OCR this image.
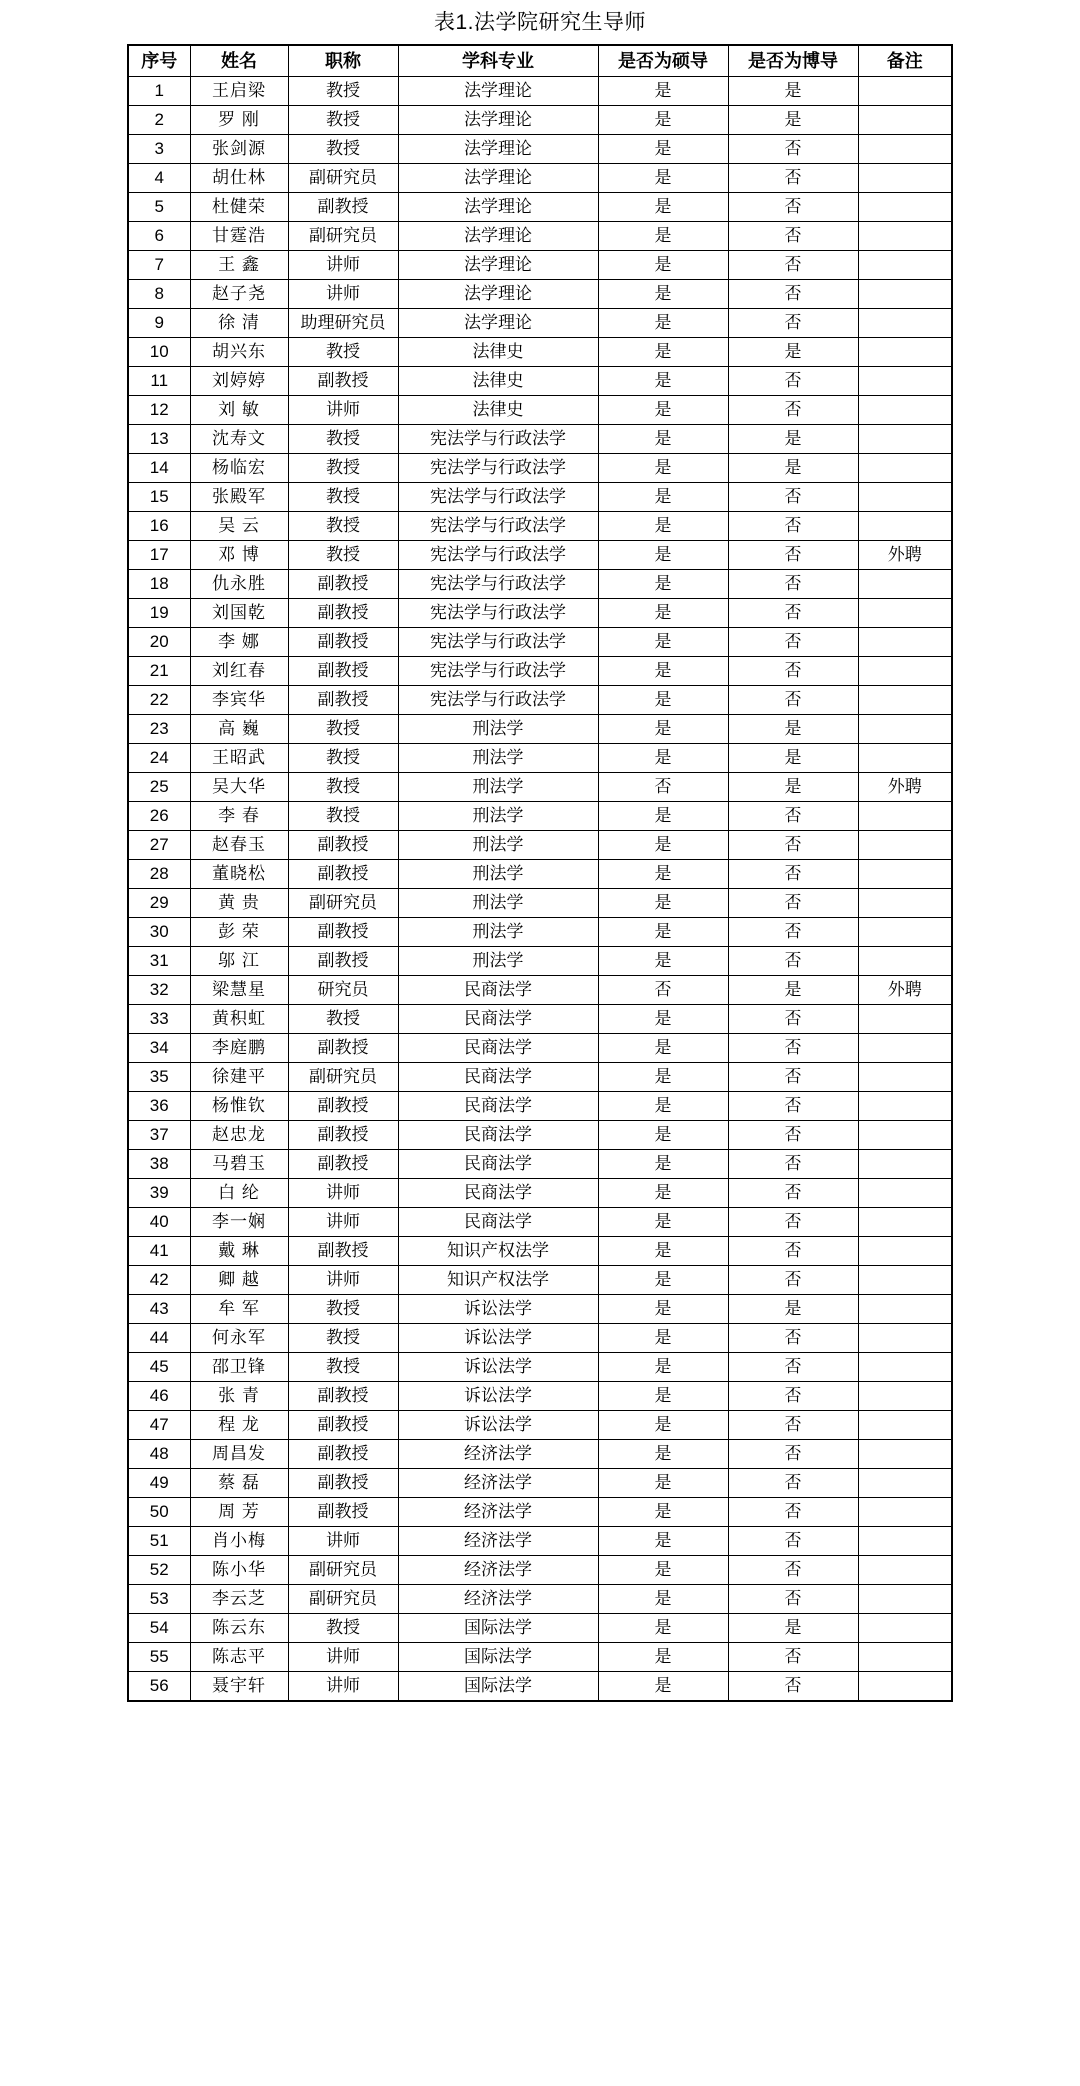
表1.法学院研究生导师
序号	姓名	职称	学科专业	是否为硕导	是否为博导	备注
1	王启梁	教授	法学理论	是	是	
2	罗 刚	教授	法学理论	是	是	
3	张剑源	教授	法学理论	是	否	
4	胡仕林	副研究员	法学理论	是	否	
5	杜健荣	副教授	法学理论	是	否	
6	甘霆浩	副研究员	法学理论	是	否	
7	王 鑫	讲师	法学理论	是	否	
8	赵子尧	讲师	法学理论	是	否	
9	徐 清	助理研究员	法学理论	是	否	
10	胡兴东	教授	法律史	是	是	
11	刘婷婷	副教授	法律史	是	否	
12	刘 敏	讲师	法律史	是	否	
13	沈寿文	教授	宪法学与行政法学	是	是	
14	杨临宏	教授	宪法学与行政法学	是	是	
15	张殿军	教授	宪法学与行政法学	是	否	
16	吴 云	教授	宪法学与行政法学	是	否	
17	邓 博	教授	宪法学与行政法学	是	否	外聘
18	仇永胜	副教授	宪法学与行政法学	是	否	
19	刘国乾	副教授	宪法学与行政法学	是	否	
20	李 娜	副教授	宪法学与行政法学	是	否	
21	刘红春	副教授	宪法学与行政法学	是	否	
22	李宾华	副教授	宪法学与行政法学	是	否	
23	高 巍	教授	刑法学	是	是	
24	王昭武	教授	刑法学	是	是	
25	吴大华	教授	刑法学	否	是	外聘
26	李 春	教授	刑法学	是	否	
27	赵春玉	副教授	刑法学	是	否	
28	董晓松	副教授	刑法学	是	否	
29	黄 贵	副研究员	刑法学	是	否	
30	彭 荣	副教授	刑法学	是	否	
31	邬 江	副教授	刑法学	是	否	
32	梁慧星	研究员	民商法学	否	是	外聘
33	黄积虹	教授	民商法学	是	否	
34	李庭鹏	副教授	民商法学	是	否	
35	徐建平	副研究员	民商法学	是	否	
36	杨惟钦	副教授	民商法学	是	否	
37	赵忠龙	副教授	民商法学	是	否	
38	马碧玉	副教授	民商法学	是	否	
39	白 纶	讲师	民商法学	是	否	
40	李一娴	讲师	民商法学	是	否	
41	戴 琳	副教授	知识产权法学	是	否	
42	卿 越	讲师	知识产权法学	是	否	
43	牟 军	教授	诉讼法学	是	是	
44	何永军	教授	诉讼法学	是	否	
45	邵卫锋	教授	诉讼法学	是	否	
46	张 青	副教授	诉讼法学	是	否	
47	程 龙	副教授	诉讼法学	是	否	
48	周昌发	副教授	经济法学	是	否	
49	蔡 磊	副教授	经济法学	是	否	
50	周 芳	副教授	经济法学	是	否	
51	肖小梅	讲师	经济法学	是	否	
52	陈小华	副研究员	经济法学	是	否	
53	李云芝	副研究员	经济法学	是	否	
54	陈云东	教授	国际法学	是	是	
55	陈志平	讲师	国际法学	是	否	
56	聂宇轩	讲师	国际法学	是	否	
